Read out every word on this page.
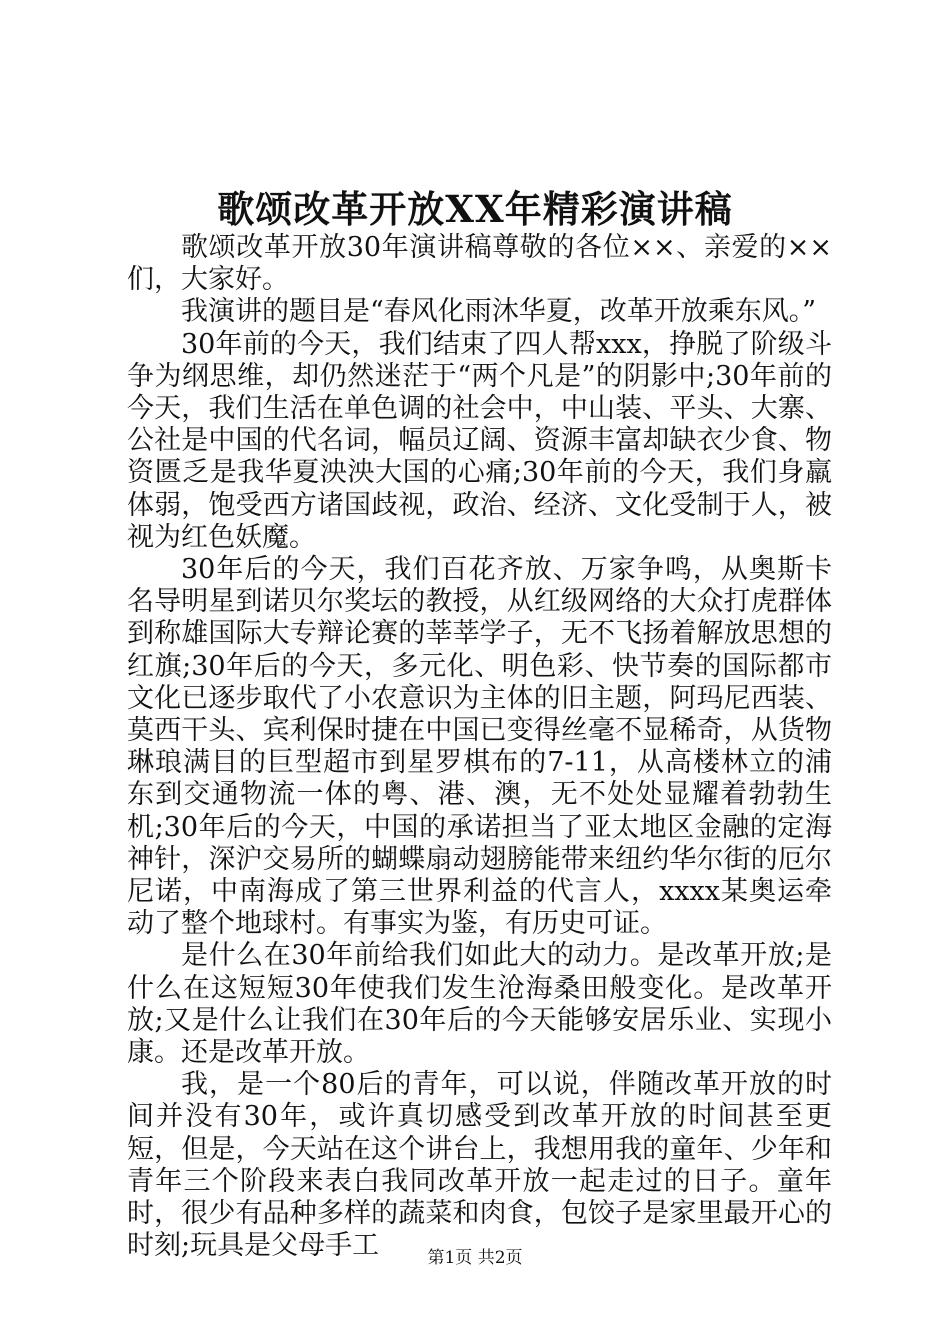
歌颂改革开放XX年精彩演讲稿

歌颂改革开放30年演讲稿尊敬的各位××、亲爱的××们，大家好。

我演讲的题目是“春风化雨沐华夏，改革开放乘东风。”

30年前的今天，我们结束了四人帮xxx，挣脱了阶级斗争为纲思维，却仍然迷茫于“两个凡是”的阴影中;30年前的今天，我们生活在单色调的社会中，中山装、平头、大寨、公社是中国的代名词，幅员辽阔、资源丰富却缺衣少食、物资匮乏是我华夏泱泱大国的心痛;30年前的今天，我们身羸体弱，饱受西方诸国歧视，政治、经济、文化受制于人，被视为红色妖魔。

30年后的今天，我们百花齐放、万家争鸣，从奥斯卡名导明星到诺贝尔奖坛的教授，从红级网络的大众打虎群体到称雄国际大专辩论赛的莘莘学子，无不飞扬着解放思想的红旗;30年后的今天，多元化、明色彩、快节奏的国际都市文化已逐步取代了小农意识为主体的旧主题，阿玛尼西装、莫西干头、宾利保时捷在中国已变得丝毫不显稀奇，从货物琳琅满目的巨型超市到星罗棋布的7-11，从高楼林立的浦东到交通物流一体的粤、港、澳，无不处处显耀着勃勃生机;30年后的今天，中国的承诺担当了亚太地区金融的定海神针，深沪交易所的蝴蝶扇动翅膀能带来纽约华尔街的厄尔尼诺，中南海成了第三世界利益的代言人，xxxx某奥运牵动了整个地球村。有事实为鉴，有历史可证。

是什么在30年前给我们如此大的动力。是改革开放;是什么在这短短30年使我们发生沧海桑田般变化。是改革开放;又是什么让我们在30年后的今天能够安居乐业、实现小康。还是改革开放。

我，是一个80后的青年，可以说，伴随改革开放的时间并没有30年，或许真切感受到改革开放的时间甚至更短，但是，今天站在这个讲台上，我想用我的童年、少年和青年三个阶段来表白我同改革开放一起走过的日子。童年时，很少有品种多样的蔬菜和肉食，包饺子是家里最开心的时刻;玩具是父母手工	第1页 共2页
